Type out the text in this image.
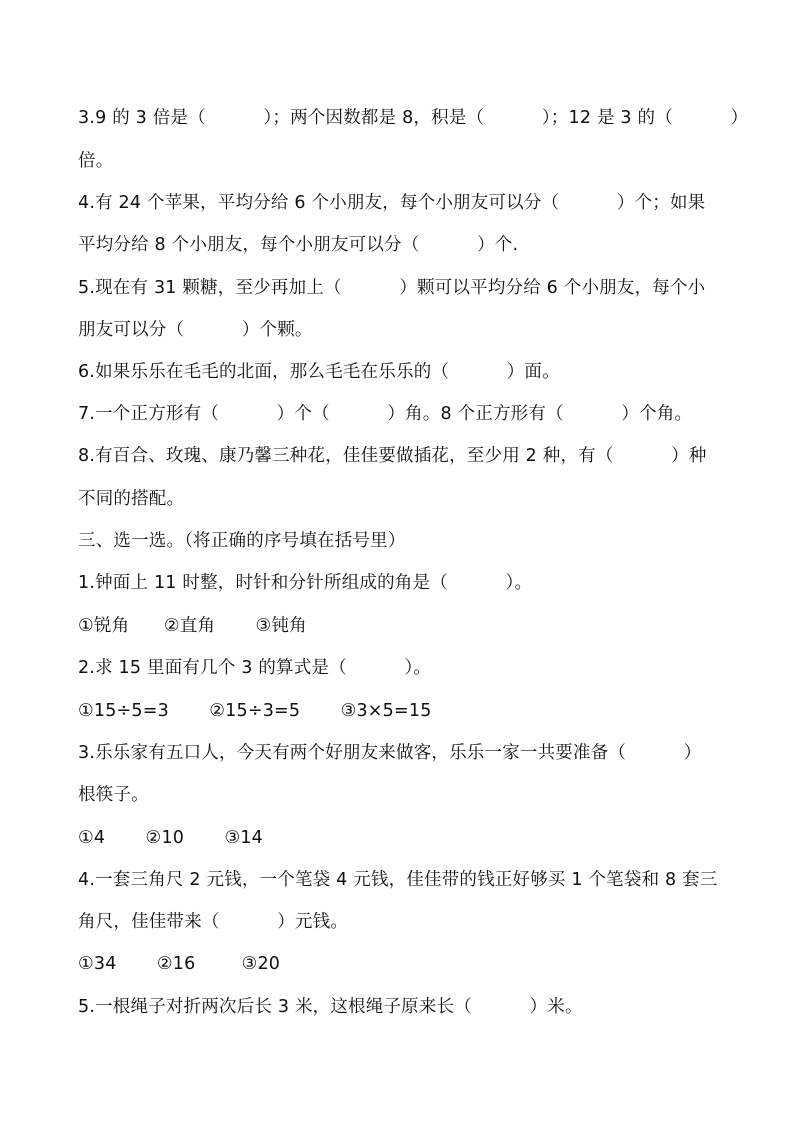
3.9 的 3 倍是（          ）；两个因数都是 8，积是（          ）；12 是 3 的（          ）
倍。
4.有 24 个苹果，平均分给 6 个小朋友，每个小朋友可以分（          ）个；如果
平均分给 8 个小朋友，每个小朋友可以分（          ）个.
5.现在有 31 颗糖，至少再加上（          ）颗可以平均分给 6 个小朋友，每个小
朋友可以分（          ）个颗。
6.如果乐乐在毛毛的北面，那么毛毛在乐乐的（          ）面。
7.一个正方形有（          ）个（          ）角。8 个正方形有（          ）个角。
8.有百合、玫瑰、康乃馨三种花，佳佳要做插花，至少用 2 种，有（          ）种
不同的搭配。
三、选一选。（将正确的序号填在括号里）
1.钟面上 11 时整，时针和分针所组成的角是（          ）。
①锐角      ②直角       ③钝角
2.求 15 里面有几个 3 的算式是（          ）。
①15÷5=3       ②15÷3=5       ③3×5=15
3.乐乐家有五口人，今天有两个好朋友来做客，乐乐一家一共要准备（          ）
根筷子。
①4       ②10       ③14
4.一套三角尺 2 元钱，一个笔袋 4 元钱，佳佳带的钱正好够买 1 个笔袋和 8 套三
角尺，佳佳带来（          ）元钱。
①34       ②16        ③20
5.一根绳子对折两次后长 3 米，这根绳子原来长（          ）米。
